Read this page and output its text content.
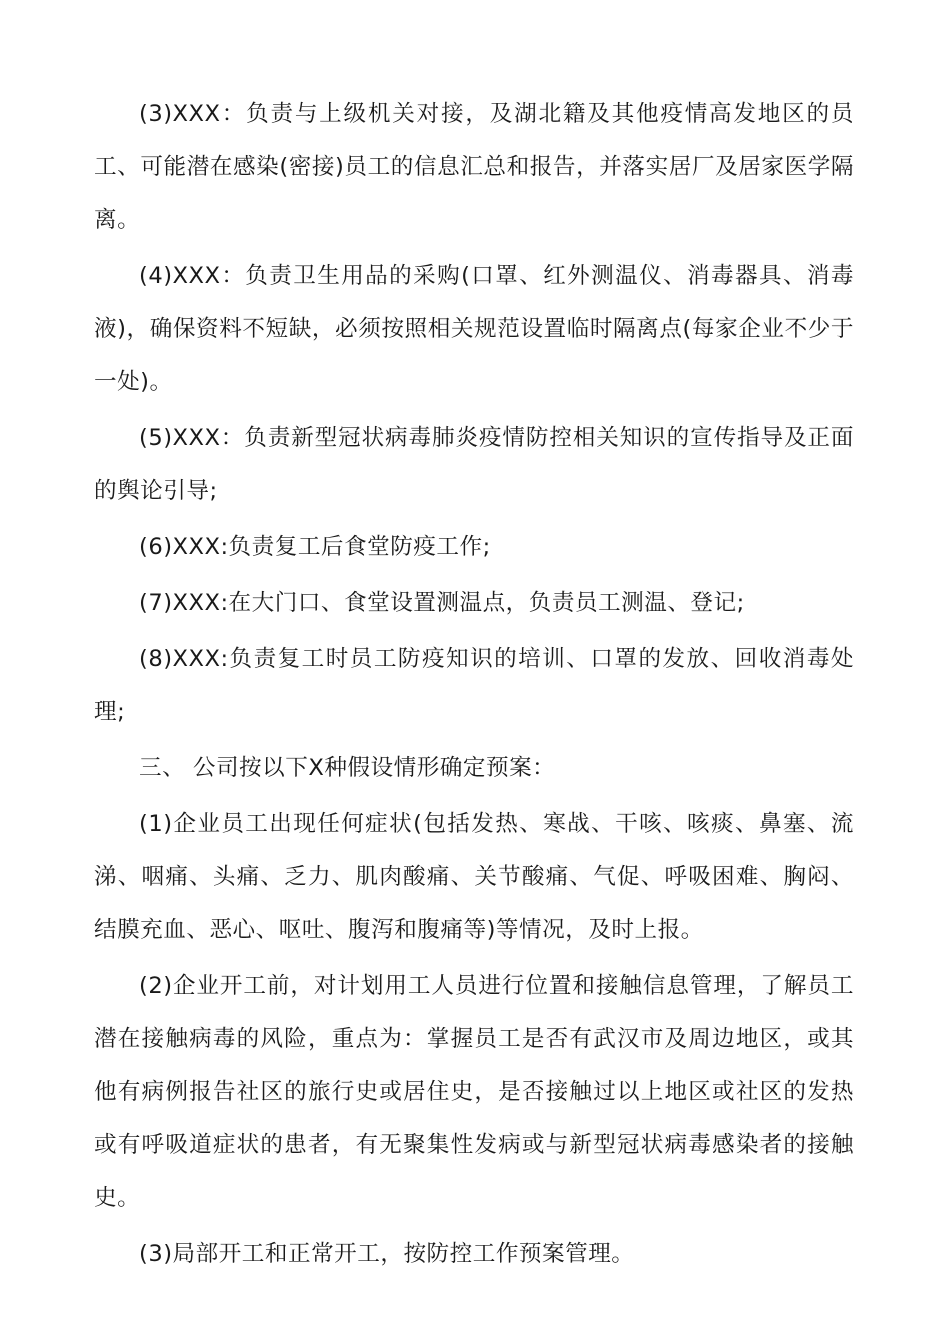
(3)XXX：负责与上级机关对接，及湖北籍及其他疫情高发地区的员工、可能潜在感染(密接)员工的信息汇总和报告，并落实居厂及居家医学隔离。

(4)XXX：负责卫生用品的采购(口罩、红外测温仪、消毒器具、消毒液)，确保资料不短缺，必须按照相关规范设置临时隔离点(每家企业不少于一处)。

(5)XXX：负责新型冠状病毒肺炎疫情防控相关知识的宣传指导及正面的舆论引导;

(6)XXX:负责复工后食堂防疫工作;

(7)XXX:在大门口、食堂设置测温点，负责员工测温、登记;

(8)XXX:负责复工时员工防疫知识的培训、口罩的发放、回收消毒处理;

三、 公司按以下X种假设情形确定预案：

(1)企业员工出现任何症状(包括发热、寒战、干咳、咳痰、鼻塞、流涕、咽痛、头痛、乏力、肌肉酸痛、关节酸痛、气促、呼吸困难、胸闷、结膜充血、恶心、呕吐、腹泻和腹痛等)等情况，及时上报。

(2)企业开工前，对计划用工人员进行位置和接触信息管理，了解员工潜在接触病毒的风险，重点为：掌握员工是否有武汉市及周边地区，或其他有病例报告社区的旅行史或居住史，是否接触过以上地区或社区的发热或有呼吸道症状的患者，有无聚集性发病或与新型冠状病毒感染者的接触史。

(3)局部开工和正常开工，按防控工作预案管理。
